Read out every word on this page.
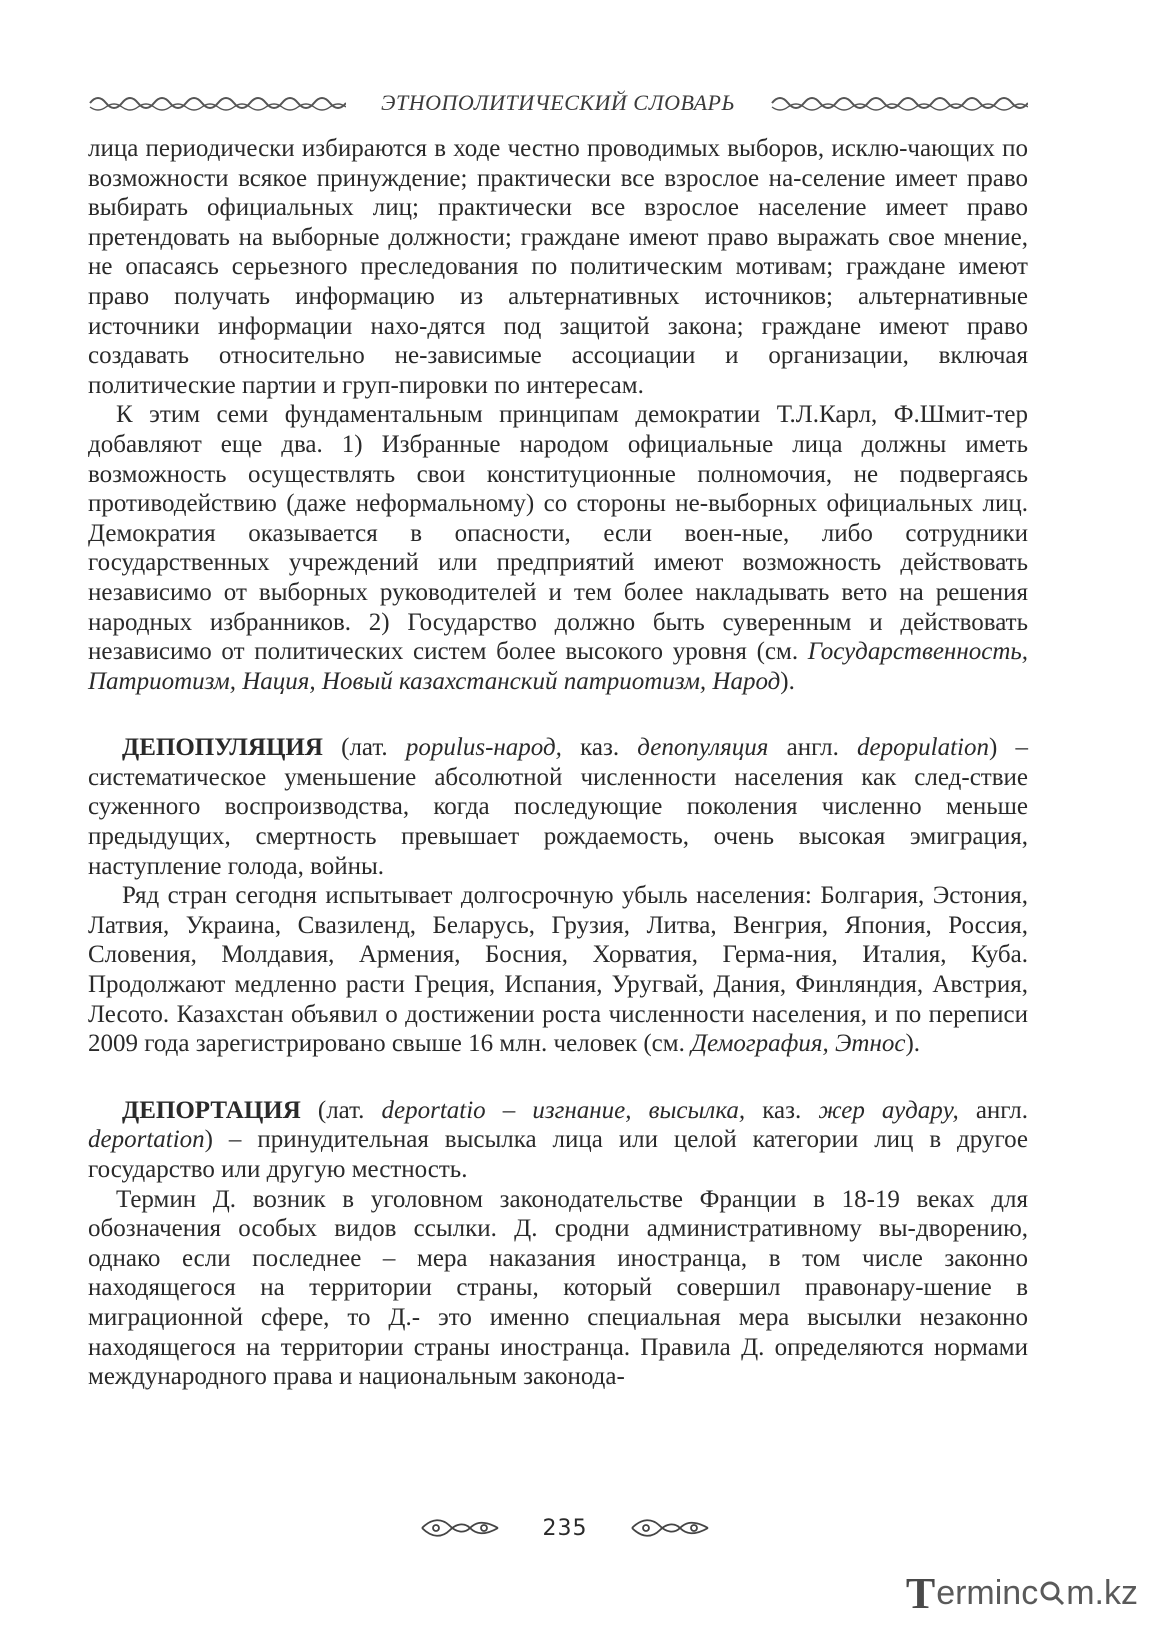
ЭТНОПОЛИТИЧЕСКИЙ СЛОВАРЬ

лица периодически избираются в ходе честно проводимых выборов, исклю-чающих по возможности всякое принуждение; практически все взрослое на-селение имеет право выбирать официальных лиц; практически все взрослое население имеет право претендовать на выборные должности; граждане имеют право выражать свое мнение, не опасаясь серьезного преследования по политическим мотивам; граждане имеют право получать информацию из альтернативных источников; альтернативные источники информации нахо-дятся под защитой закона; граждане имеют право создавать относительно не-зависимые ассоциации и организации, включая политические партии и груп-пировки по интересам.

К этим семи фундаментальным принципам демократии Т.Л.Карл, Ф.Шмит-тер добавляют еще два. 1) Избранные народом официальные лица должны иметь возможность осуществлять свои конституционные полномочия, не подвергаясь противодействию (даже неформальному) со стороны не-выборных официальных лиц. Демократия оказывается в опасности, если воен-ные, либо сотрудники государственных учреждений или предприятий имеют возможность действовать независимо от выборных руководителей и тем более накладывать вето на решения народных избранников. 2) Государство должно быть суверенным и действовать независимо от политических систем более высокого уровня (см. Государственность, Патриотизм, Нация, Новый казахстанский патриотизм, Народ).

ДЕПОПУЛЯЦИЯ (лат. populus-народ, каз. депопуляция англ. depopulation) – систематическое уменьшение абсолютной численности населения как след-ствие суженного воспроизводства, когда последующие поколения численно меньше предыдущих, смертность превышает рождаемость, очень высокая эмиграция, наступление голода, войны.

Ряд стран сегодня испытывает долгосрочную убыль населения: Болгария, Эстония, Латвия, Украина, Свазиленд, Беларусь, Грузия, Литва, Венгрия, Япония, Россия, Словения, Молдавия, Армения, Босния, Хорватия, Герма-ния, Италия, Куба. Продолжают медленно расти Греция, Испания, Уругвай, Дания, Финляндия, Австрия, Лесото. Казахстан объявил о достижении роста численности населения, и по переписи 2009 года зарегистрировано свыше 16 млн. человек (см. Демография, Этнос).

ДЕПОРТАЦИЯ (лат. deportatio – изгнание, высылка, каз. жер аударy, англ. deportation) – принудительная высылка лица или целой категории лиц в другое государство или другую местность.

Термин Д. возник в уголовном законодательстве Франции в 18-19 веках для обозначения особых видов ссылки. Д. сродни административному вы-дворению, однако если последнее – мера наказания иностранца, в том числе законно находящегося на территории страны, который совершил правонару-шение в миграционной сфере, то Д.- это именно специальная мера высылки незаконно находящегося на территории страны иностранца. Правила Д. определяются нормами международного права и национальным законода-

235
T erminc m.kz
